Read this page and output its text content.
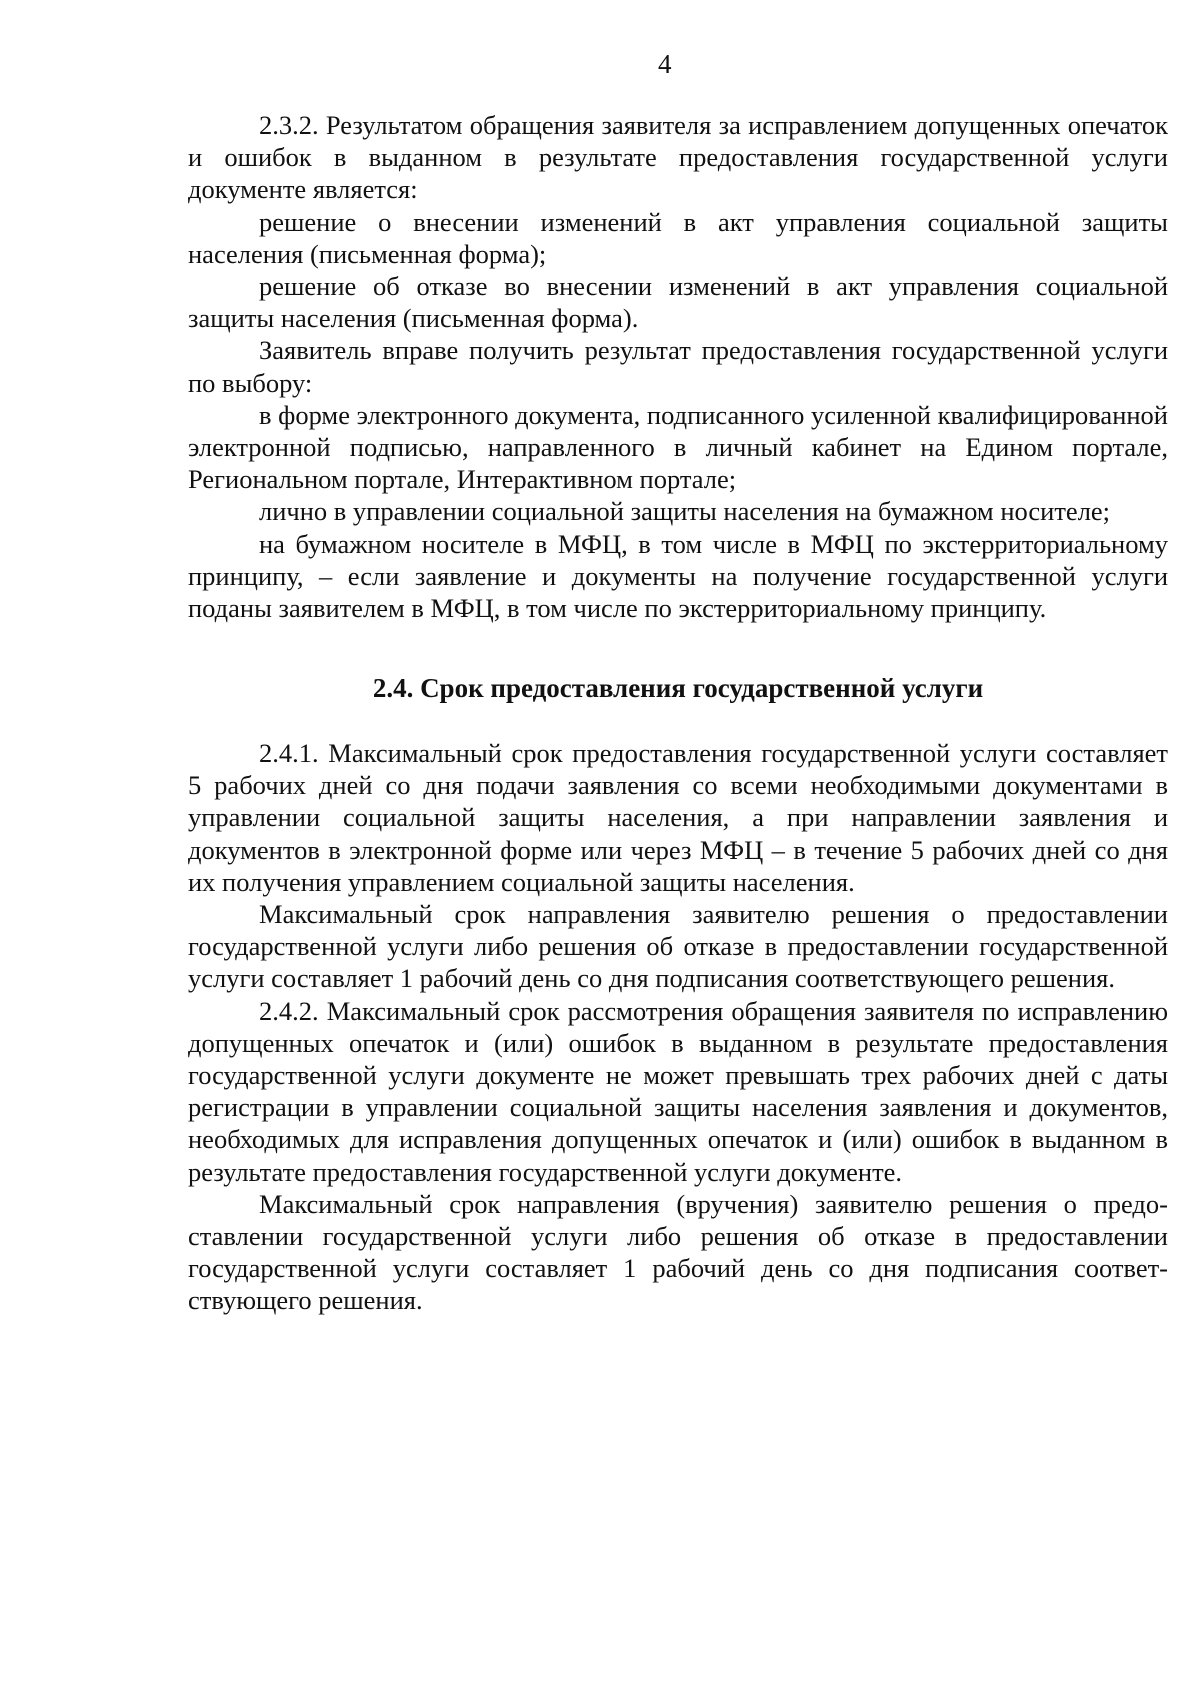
4

2.3.2. Результатом обращения заявителя за исправлением допущенных опечаток и ошибок в выданном в результате предоставления государственной услуги документе является:

решение о внесении изменений в акт управления социальной защиты населения (письменная форма);

решение об отказе во внесении изменений в акт управления социальной защиты населения (письменная форма).

Заявитель вправе получить результат предоставления государственной услуги по выбору:

в форме электронного документа, подписанного усиленной квалифицированной электронной подписью, направленного в личный кабинет на Едином портале, Региональном портале, Интерактивном портале;

лично в управлении социальной защиты населения на бумажном носителе;

на бумажном носителе в МФЦ, в том числе в МФЦ по экстерриториальному принципу, – если заявление и документы на получение государственной услуги поданы заявителем в МФЦ, в том числе по экстерриториальному принципу.

2.4. Срок предоставления государственной услуги

2.4.1. Максимальный срок предоставления государственной услуги составляет 5 рабочих дней со дня подачи заявления со всеми необходимыми документами в управлении социальной защиты населения, а при направлении заявления и документов в электронной форме или через МФЦ – в течение 5 рабочих дней со дня их получения управлением социальной защиты населения.

Максимальный срок направления заявителю решения о предоставлении государственной услуги либо решения об отказе в предоставлении государственной услуги составляет 1 рабочий день со дня подписания соответствующего решения.

2.4.2. Максимальный срок рассмотрения обращения заявителя по исправлению допущенных опечаток и (или) ошибок в выданном в результате предоставления государственной услуги документе не может превышать трех рабочих дней с даты регистрации в управлении социальной защиты населения заявления и документов, необходимых для исправления допущенных опечаток и (или) ошибок в выданном в результате предоставления государственной услуги документе.

Максимальный срок направления (вручения) заявителю решения о предоставлении государственной услуги либо решения об отказе в предоставлении государственной услуги составляет 1 рабочий день со дня подписания соответствующего решения.
